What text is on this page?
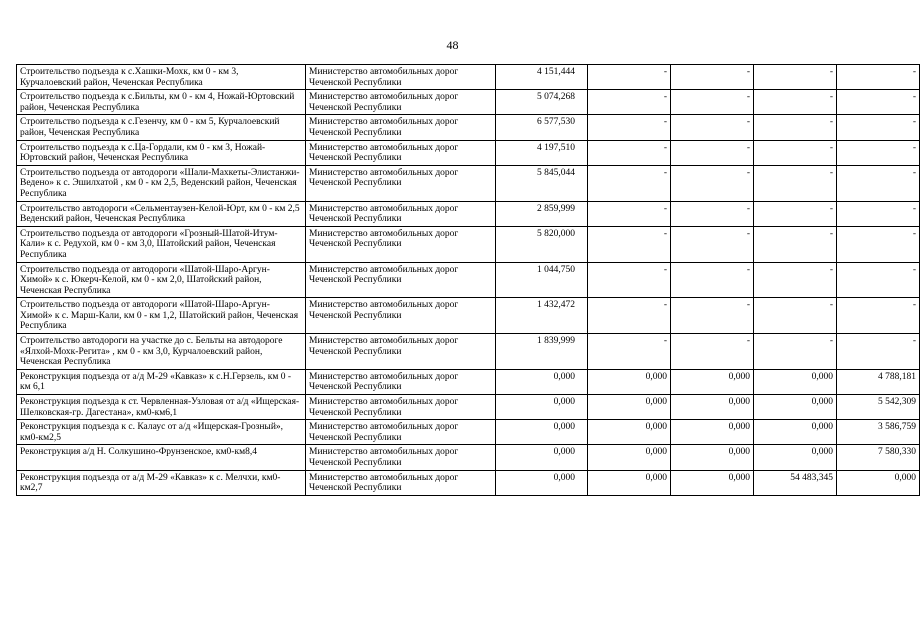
48
Строительство подъезда к с.Хашки-Мохк, км 0 - км 3, Курчалоевский район, Чеченская Республика	Министерство автомобильных дорог Чеченской Республики	4 151,444	-	-	-	-
Строительство подъезда к с.Бильты, км 0 - км 4, Ножай-Юртовский район, Чеченская Республика	Министерство автомобильных дорог Чеченской Республики	5 074,268	-	-	-	-
Строительство подъезда к с.Гезенчу, км 0 - км 5, Курчалоевский район, Чеченская Республика	Министерство автомобильных дорог Чеченской Республики	6 577,530	-	-	-	-
Строительство подъезда к с.Ца-Гордали, км 0 - км 3, Ножай-Юртовский район, Чеченская Республика	Министерство автомобильных дорог Чеченской Республики	4 197,510	-	-	-	-
Строительство подъезда от автодороги «Шали-Махкеты-Элистанжи-Ведено» к с. Эшилхатой , км 0 - км 2,5, Веденский район, Чеченская Республика	Министерство автомобильных дорог Чеченской Республики	5 845,044	-	-	-	-
Строительство автодороги «Сельментаузен-Келой-Юрт, км 0 - км 2,5 Веденский район, Чеченская Республика	Министерство автомобильных дорог Чеченской Республики	2 859,999	-	-	-	-
Строительство подъезда от автодороги «Грозный-Шатой-Итум-Кали» к с. Редухой, км 0 - км 3,0, Шатойский район, Чеченская Республика	Министерство автомобильных дорог Чеченской Республики	5 820,000	-	-	-	-
Строительство подъезда от автодороги «Шатой-Шаро-Аргун-Химой» к с. Юкерч-Келой, км 0 - км 2,0, Шатойский район, Чеченская Республика	Министерство автомобильных дорог Чеченской Республики	1 044,750	-	-	-	-
Строительство подъезда от автодороги «Шатой-Шаро-Аргун-Химой» к с. Марш-Кали, км 0 - км 1,2, Шатойский район, Чеченская Республика	Министерство автомобильных дорог Чеченской Республики	1 432,472	-	-	-	-
Строительство автодороги на участке до с. Бельты на автодороге «Ялхой-Мохк-Регита» , км 0 - км 3,0, Курчалоевский район, Чеченская Республика	Министерство автомобильных дорог Чеченской Республики	1 839,999	-	-	-	-
Реконструкция подъезда от а/д М-29 «Кавказ» к с.Н.Герзель, км 0 - км 6,1	Министерство автомобильных дорог Чеченской Республики	0,000	0,000	0,000	0,000	4 788,181
Реконструкция подъезда к ст. Червленная-Узловая от а/д «Ищерская-Шелковская-гр. Дагестана», км0-км6,1	Министерство автомобильных дорог Чеченской Республики	0,000	0,000	0,000	0,000	5 542,309
Реконструкция подъезда к с. Калаус от а/д «Ищерская-Грозный», км0-км2,5	Министерство автомобильных дорог Чеченской Республики	0,000	0,000	0,000	0,000	3 586,759
Реконструкция а/д Н. Солкушино-Фрунзенское, км0-км8,4	Министерство автомобильных дорог Чеченской Республики	0,000	0,000	0,000	0,000	7 580,330
Реконструкция подъезда от а/д М-29 «Кавказ» к с. Мелчхи, км0-км2,7	Министерство автомобильных дорог Чеченской Республики	0,000	0,000	0,000	54 483,345	0,000
